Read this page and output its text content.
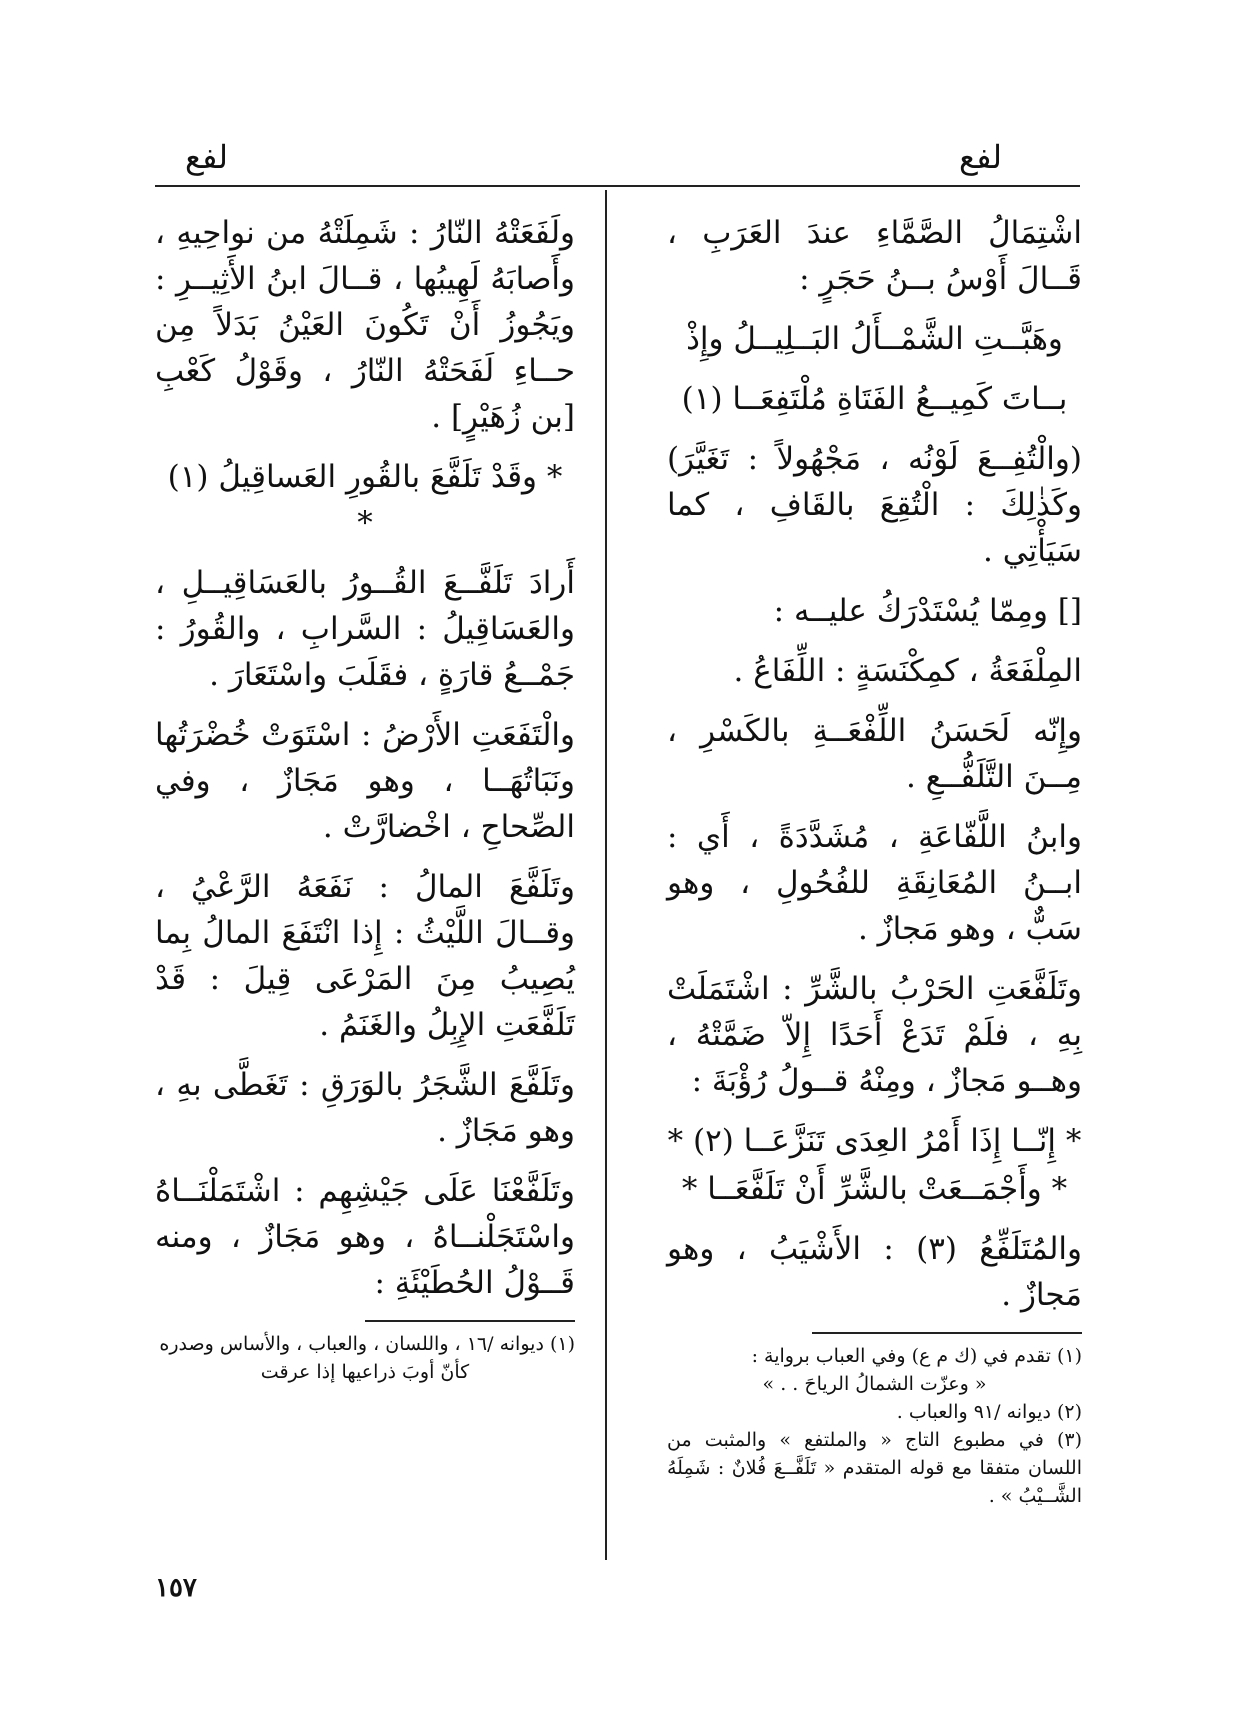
لفع
لفع

اشْتِمَالُ الصَّمَّاءِ عندَ العَرَبِ ، قَــالَ أَوْسُ بــنُ حَجَرٍ :

وهَبَّــتِ الشَّمْــأَلُ البَــلِيــلُ وإِذْ

بــاتَ كَمِيــعُ الفَتَاةِ مُلْتَفِعَــا (١)

(والْتُفِــعَ لَوْنُه ، مَجْهُولاً : تَغَيَّرَ) وكَذٰلِكَ : الْتُقِعَ بالقَافِ ، كما سَيَأْتِي .

[] ومِمّا يُسْتَدْرَكُ عليــه :

المِلْفَعَةُ ، كمِكْنَسَةٍ : اللِّفَاعُ .

وإِنّه لَحَسَنُ اللِّفْعَــةِ بالكَسْرِ ، مِــنَ التَّلَفُّــعِ .

وابنُ اللَّفّاعَةِ ، مُشَدَّدَةً ، أَي : ابــنُ المُعَانِقَةِ للفُحُولِ ، وهو سَبٌّ ، وهو مَجازٌ .

وتَلَفَّعَتِ الحَرْبُ بالشَّرِّ : اشْتَمَلَتْ بِهِ ، فلَمْ تَدَعْ أَحَدًا إِلاّ ضَمَّتْهُ ، وهــو مَجازٌ ، ومِنْهُ قــولُ رُؤْبَةَ :

* إِنّــا إِذَا أَمْرُ العِدَى تَنَزَّعَــا (٢) *

* وأَجْمَــعَتْ بالشَّرِّ أَنْ تَلَفَّعَــا *

والمُتَلَفِّعُ (٣) : الأَشْيَبُ ، وهو مَجازٌ .

(١) تقدم في (ك م ع) وفي العباب برواية :

« وعزّت الشمالُ الرياحَ . . »

(٢) ديوانه /٩١ والعباب .

(٣) في مطبوع التاج « والملتفع » والمثبت من اللسان متفقا مع قوله المتقدم « تَلَفَّــعَ فُلانٌ : شَمِلَهُ الشَّــيْبُ » .

ولَفَعَتْهُ النّارُ : شَمِلَتْهُ من نواحِيهِ ، وأَصابَهُ لَهِيبُها ، قــالَ ابنُ الأَثِيــرِ : ويَجُوزُ أَنْ تَكُونَ العَيْنُ بَدَلاً مِن حــاءِ لَفَحَتْهُ النّارُ ، وقَوْلُ كَعْبِ [بن زُهَيْرٍ] .

* وقَدْ تَلَفَّعَ بالقُورِ العَساقِيلُ (١) *

أَرادَ تَلَفَّــعَ القُــورُ بالعَسَاقِيــلِ ، والعَسَاقِيلُ : السَّرابِ ، والقُورُ : جَمْــعُ قارَةٍ ، فقَلَبَ واسْتَعَارَ .

والْتَفَعَتِ الأَرْضُ : اسْتَوَتْ خُضْرَتُها ونَبَاتُهَــا ، وهو مَجَازٌ ، وفي الصِّحاحِ ، اخْضارَّتْ .

وتَلَفَّعَ المالُ : نَفَعَهُ الرَّعْيُ ، وقــالَ اللَّيْثُ : إِذا انْتَفَعَ المالُ بِما يُصِيبُ مِنَ المَرْعَى قِيلَ : قَدْ تَلَفَّعَتِ الإِبِلُ والغَنَمُ .

وتَلَفَّعَ الشَّجَرُ بالوَرَقِ : تَغَطَّى بهِ ، وهو مَجَازٌ .

وتَلَفَّعْنَا عَلَى جَيْشِهِم : اشْتَمَلْنَــاهُ واسْتَجَلْنــاهُ ، وهو مَجَازٌ ، ومنه قَــوْلُ الحُطَيْئَةِ :

(١) ديوانه /١٦ ، واللسان ، والعباب ، والأساس وصدره

كأنّ أوبَ ذراعيها إذا عرقت

١٥٧
